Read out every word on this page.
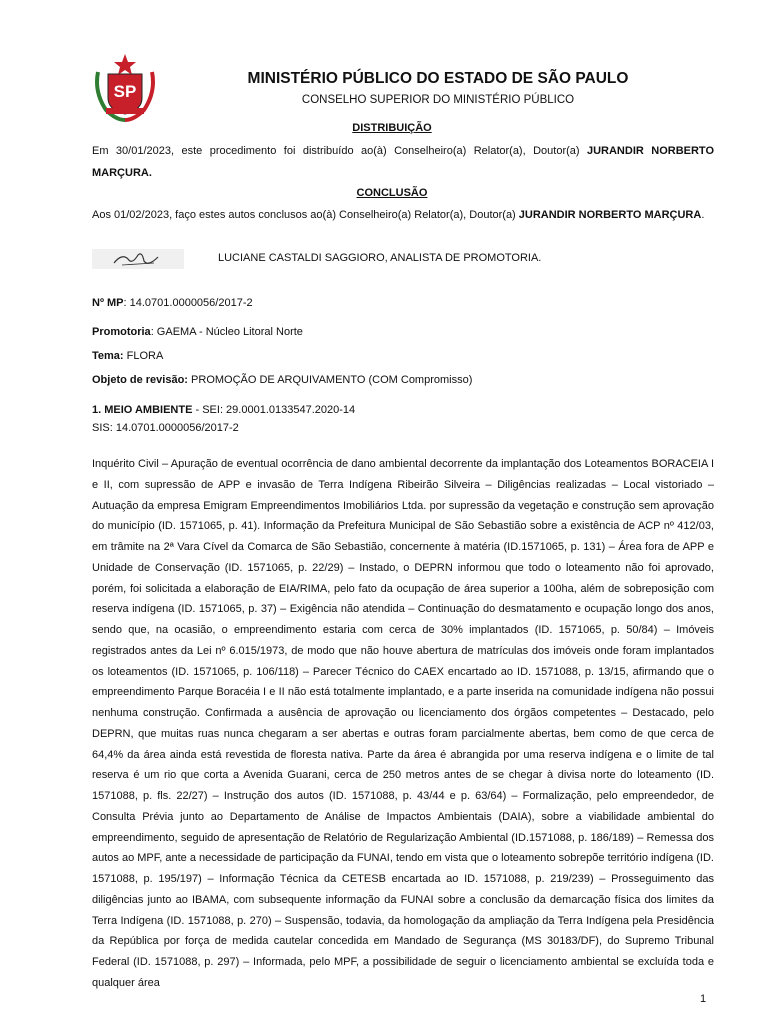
SP
MINISTÉRIO PÚBLICO DO ESTADO DE SÃO PAULO
CONSELHO SUPERIOR DO MINISTÉRIO PÚBLICO
DISTRIBUIÇÃO
Em 30/01/2023, este procedimento foi distribuído ao(à) Conselheiro(a) Relator(a), Doutor(a) JURANDIR NORBERTO MARÇURA.
CONCLUSÃO
Aos 01/02/2023, faço estes autos conclusos ao(à) Conselheiro(a) Relator(a), Doutor(a) JURANDIR NORBERTO MARÇURA.
LUCIANE CASTALDI SAGGIORO, ANALISTA DE PROMOTORIA.
Nº MP: 14.0701.0000056/2017-2
Promotoria: GAEMA - Núcleo Litoral Norte
Tema: FLORA
Objeto de revisão: PROMOÇÃO DE ARQUIVAMENTO (COM Compromisso)
1. MEIO AMBIENTE - SEI: 29.0001.0133547.2020-14
SIS: 14.0701.0000056/2017-2
Inquérito Civil – Apuração de eventual ocorrência de dano ambiental decorrente da implantação dos Loteamentos BORACEIA I e II, com supressão de APP e invasão de Terra Indígena Ribeirão Silveira – Diligências realizadas – Local vistoriado – Autuação da empresa Emigram Empreendimentos Imobiliários Ltda. por supressão da vegetação e construção sem aprovação do município (ID. 1571065, p. 41). Informação da Prefeitura Municipal de São Sebastião sobre a existência de ACP nº 412/03, em trâmite na 2ª Vara Cível da Comarca de São Sebastião, concernente à matéria (ID.1571065, p. 131) – Área fora de APP e Unidade de Conservação (ID. 1571065, p. 22/29) – Instado, o DEPRN informou que todo o loteamento não foi aprovado, porém, foi solicitada a elaboração de EIA/RIMA, pelo fato da ocupação de área superior a 100ha, além de sobreposição com reserva indígena (ID. 1571065, p. 37) – Exigência não atendida – Continuação do desmatamento e ocupação longo dos anos, sendo que, na ocasião, o empreendimento estaria com cerca de 30% implantados (ID. 1571065, p. 50/84) – Imóveis registrados antes da Lei nº 6.015/1973, de modo que não houve abertura de matrículas dos imóveis onde foram implantados os loteamentos (ID. 1571065, p. 106/118) – Parecer Técnico do CAEX encartado ao ID. 1571088, p. 13/15, afirmando que o empreendimento Parque Boracéia I e II não está totalmente implantado, e a parte inserida na comunidade indígena não possui nenhuma construção. Confirmada a ausência de aprovação ou licenciamento dos órgãos competentes – Destacado, pelo DEPRN, que muitas ruas nunca chegaram a ser abertas e outras foram parcialmente abertas, bem como de que cerca de 64,4% da área ainda está revestida de floresta nativa. Parte da área é abrangida por uma reserva indígena e o limite de tal reserva é um rio que corta a Avenida Guarani, cerca de 250 metros antes de se chegar à divisa norte do loteamento (ID. 1571088, p. fls. 22/27) – Instrução dos autos (ID. 1571088, p. 43/44 e p. 63/64) – Formalização, pelo empreendedor, de Consulta Prévia junto ao Departamento de Análise de Impactos Ambientais (DAIA), sobre a viabilidade ambiental do empreendimento, seguido de apresentação de Relatório de Regularização Ambiental (ID.1571088, p. 186/189) – Remessa dos autos ao MPF, ante a necessidade de participação da FUNAI, tendo em vista que o loteamento sobrepõe território indígena (ID. 1571088, p. 195/197) – Informação Técnica da CETESB encartada ao ID. 1571088, p. 219/239) – Prosseguimento das diligências junto ao IBAMA, com subsequente informação da FUNAI sobre a conclusão da demarcação física dos limites da Terra Indígena (ID. 1571088, p. 270) – Suspensão, todavia, da homologação da ampliação da Terra Indígena pela Presidência da República por força de medida cautelar concedida em Mandado de Segurança (MS 30183/DF), do Supremo Tribunal Federal (ID. 1571088, p. 297) – Informada, pelo MPF, a possibilidade de seguir o licenciamento ambiental se excluída toda e qualquer área
1
